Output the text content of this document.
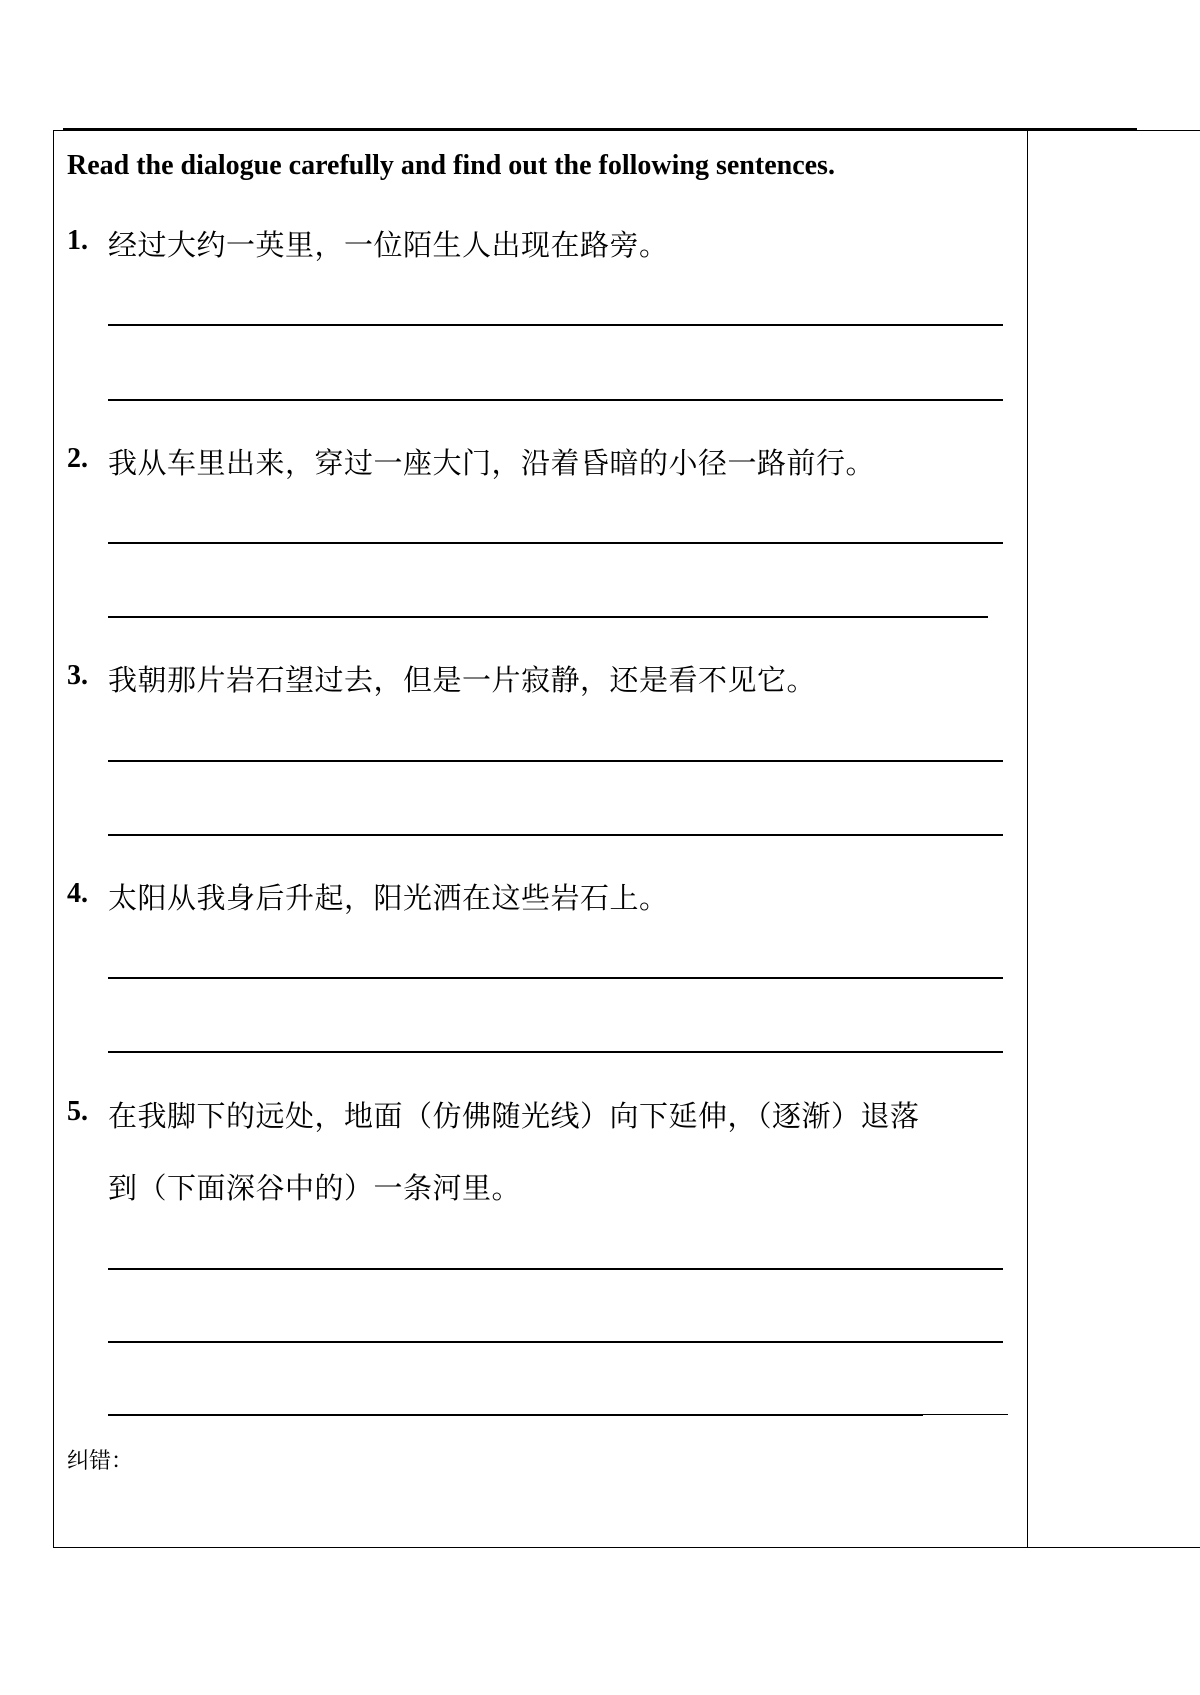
Read the dialogue carefully and find out the following sentences.
1. 经过大约一英里，一位陌生人出现在路旁。
2. 我从车里出来，穿过一座大门，沿着昏暗的小径一路前行。
3. 我朝那片岩石望过去，但是一片寂静，还是看不见它。
4. 太阳从我身后升起，阳光洒在这些岩石上。
5. 在我脚下的远处，地面（仿佛随光线）向下延伸，（逐渐）退落
到（下面深谷中的）一条河里。
纠错：
